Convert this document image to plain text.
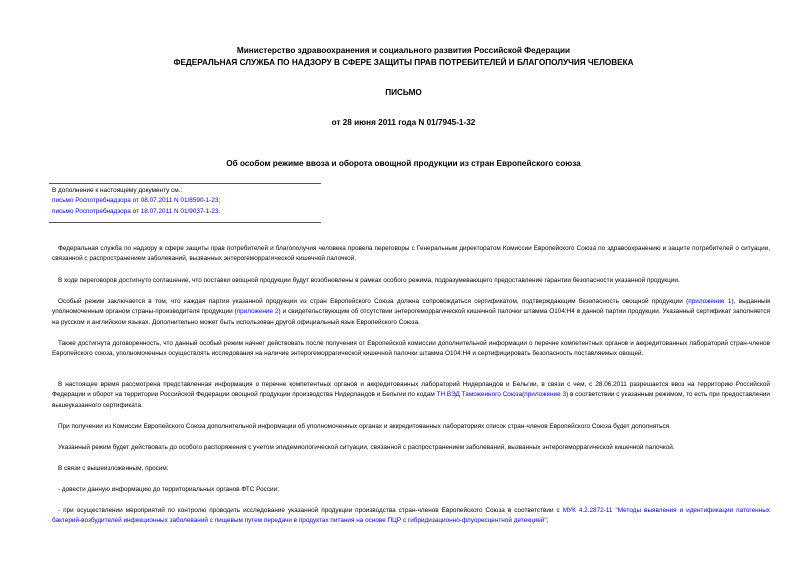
Министерство здравоохранения и социального развития Российской Федерации
ФЕДЕРАЛЬНАЯ СЛУЖБА ПО НАДЗОРУ В СФЕРЕ ЗАЩИТЫ ПРАВ ПОТРЕБИТЕЛЕЙ И БЛАГОПОЛУЧИЯ ЧЕЛОВЕКА
ПИСЬМО
от 28 июня 2011 года N 01/7945-1-32
Об особом режиме ввоза и оборота овощной продукции из стран Европейского союза
В дополнение к настоящему документу см.:
письмо Роспотребнадзора от 08.07.2011 N 01/8590-1-23;
письмо Роспотребнадзора от 18.07.2011 N 01/9037-1-23.
Федеральная служба по надзору в сфере защиты прав потребителей и благополучия человека провела переговоры с Генеральным директоратом Комиссии Европейского Союза по здравоохранению и защите потребителей о ситуации, связанной с распространением заболеваний, вызванных энтерогеморрагической кишечной палочкой.
В ходе переговоров достигнуто соглашение, что поставки овощной продукции будут возобновлены в рамках особого режима, подразумевающего предоставление гарантии безопасности указанной продукции.
Особый режим заключается в том, что каждая партия указанной продукции из стран Европейского Союза должна сопровождаться сертификатом, подтверждающим безопасность овощной продукции (приложение 1), выданным уполномоченным органом страны-производителя продукции (приложение 2) и свидетельствующим об отсутствии энтерогеморрагической кишечной палочки штамма О104:Н4 в данной партии продукции. Указанный сертификат заполняется на русском и английском языках. Дополнительно может быть использован другой официальный язык Европейского Союза.
Также достигнута договоренность, что данный особый режим начнет действовать после получения от Европейской комиссии дополнительной информации о перечне компетентных органов и аккредитованных лабораторий стран-членов Европейского союза, уполномоченных осуществлять исследования на наличие энтерогеморрагической кишечной палочки штамма О104:Н4 и сертифицировать безопасность поставляемых овощей.
В настоящее время рассмотрена представленная информация о перечне компетентных органов и аккредитованных лабораторий Нидерландов и Бельгии, в связи с чем, с 28.06.2011 разрешается ввоз на территорию Российской Федерации и оборот на территории Российской Федерации овощной продукции производства Нидерландов и Бельгии по кодам ТН ВЭД Таможенного Союза(приложение 3) в соответствии с указанным режимом, то есть при предоставлении вышеуказанного сертификата.
При получении из Комиссии Европейского Союза дополнительной информации об уполномоченных органах и аккредитованных лабораториях список стран-членов Европейского Союза будет дополняться.
Указанный режим будет действовать до особого распоряжения с учетом эпидемиологической ситуации, связанной с распространением заболеваний, вызванных энтерогеморрагической кишечной палочкой.
В связи с вышеизложенным, просим:
- довести данную информацию до территориальных органов ФТС России;
- при осуществлении мероприятий по контролю проводить исследование указанной продукции производства стран-членов Европейского Союза в соответствии с МУК 4.2.2872-11 "Методы выявления и идентификации патогенных бактерий-возбудителей инфекционных заболеваний с пищевым путем передачи в продуктах питания на основе ПЦР с гибридизационно-флуоресцентной детекцией";
